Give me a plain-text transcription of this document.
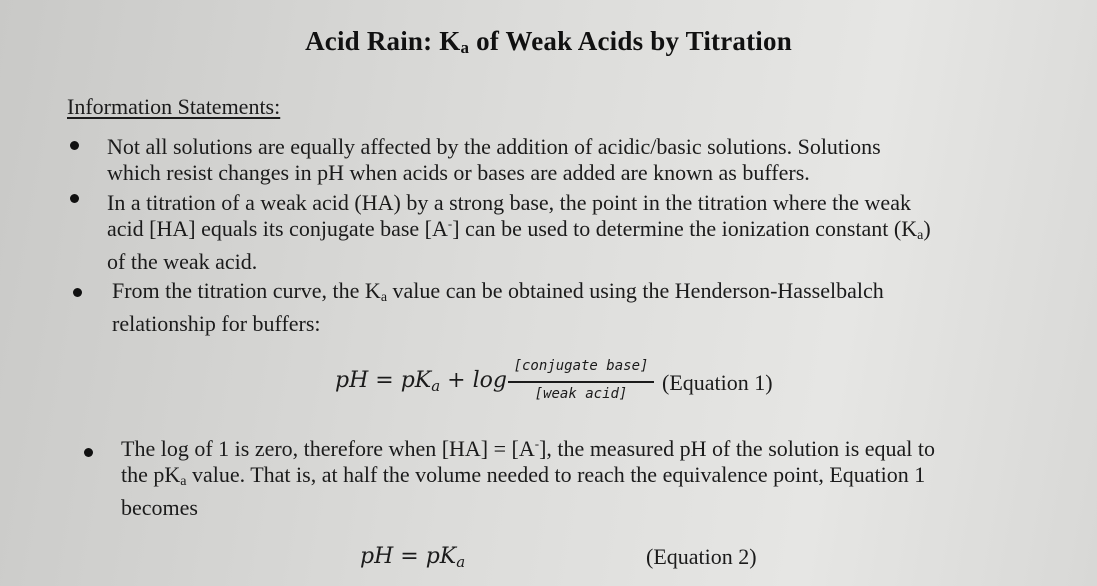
Acid Rain: $K_a$ of Weak Acids by Titration
Information Statements:
Not all solutions are equally affected by the addition of acidic/basic solutions. Solutions
which resist changes in pH when acids or bases are added are known as buffers.
In a titration of a weak acid (HA) by a strong base, the point in the titration where the weak
acid [HA] equals its conjugate base [A-] can be used to determine the ionization constant $(K_a)$
of the weak acid.
From the titration curve, the $K_a$ value can be obtained using the Henderson-Hasselbalch
relationship for buffers:
pH = $pK_a + \log$
[conjugate base]
[weak acid]	(Equation 1)
The log of 1 is zero, therefore when [HA] = [A-], the measured pH of the solution is equal to
the $pK_a$ value. That is, at half the volume needed to reach the equivalence point, Equation 1
becomes
pH = $pK_a$	(Equation 2)
